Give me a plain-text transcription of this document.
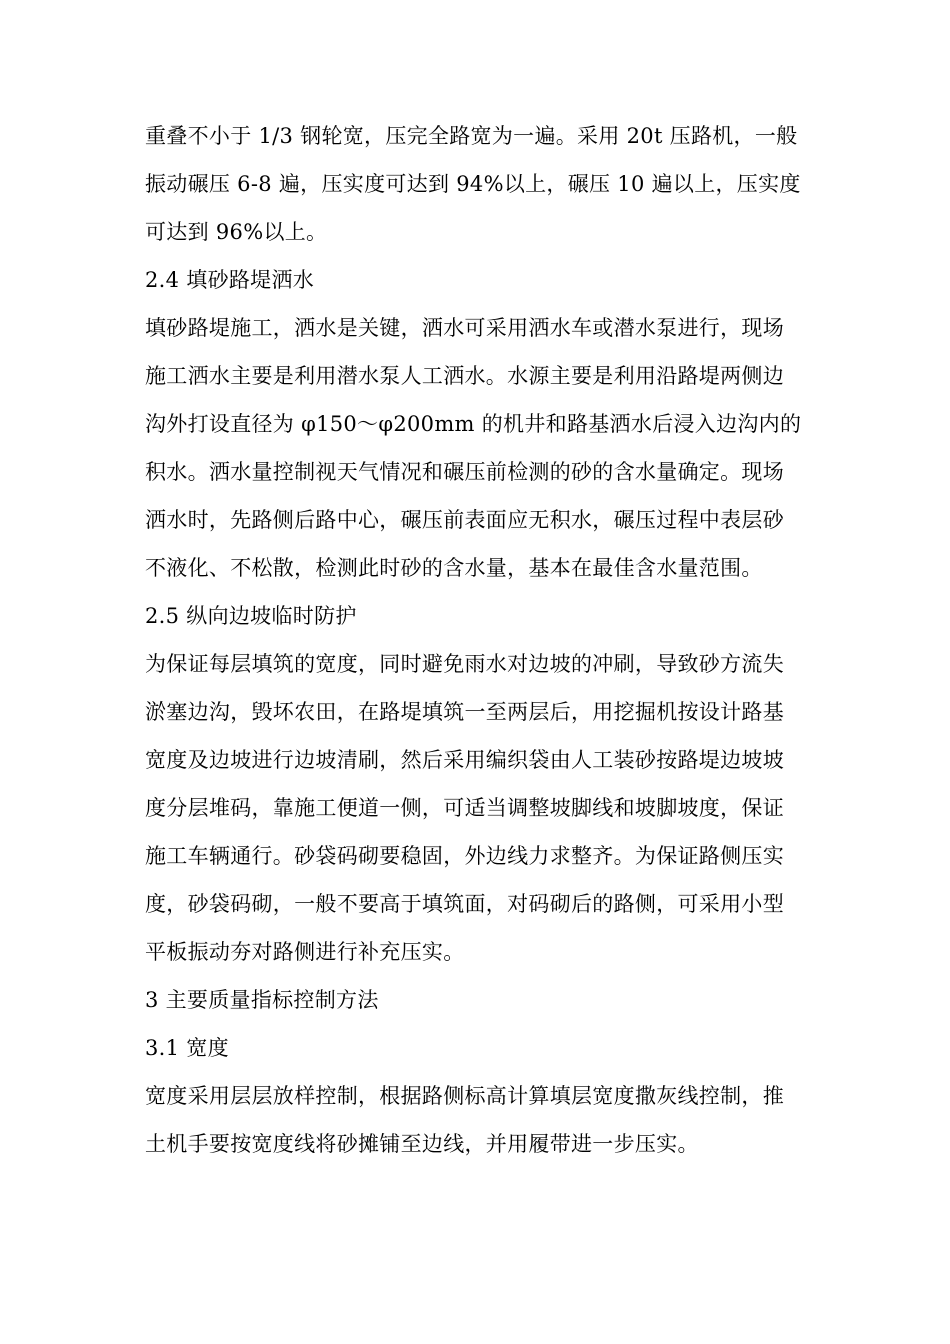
重叠不小于 1/3 钢轮宽，压完全路宽为一遍。采用 20t 压路机，一般
振动碾压 6-8 遍，压实度可达到 94%以上，碾压 10 遍以上，压实度
可达到 96%以上。
2.4 填砂路堤洒水
填砂路堤施工，洒水是关键，洒水可采用洒水车或潜水泵进行，现场
施工洒水主要是利用潜水泵人工洒水。水源主要是利用沿路堤两侧边
沟外打设直径为 φ150～φ200mm 的机井和路基洒水后浸入边沟内的
积水。洒水量控制视天气情况和碾压前检测的砂的含水量确定。现场
洒水时，先路侧后路中心，碾压前表面应无积水，碾压过程中表层砂
不液化、不松散，检测此时砂的含水量，基本在最佳含水量范围。
2.5 纵向边坡临时防护
为保证每层填筑的宽度，同时避免雨水对边坡的冲刷，导致砂方流失
淤塞边沟，毁坏农田，在路堤填筑一至两层后，用挖掘机按设计路基
宽度及边坡进行边坡清刷，然后采用编织袋由人工装砂按路堤边坡坡
度分层堆码，靠施工便道一侧，可适当调整坡脚线和坡脚坡度，保证
施工车辆通行。砂袋码砌要稳固，外边线力求整齐。为保证路侧压实
度，砂袋码砌，一般不要高于填筑面，对码砌后的路侧，可采用小型
平板振动夯对路侧进行补充压实。
3 主要质量指标控制方法
3.1 宽度
宽度采用层层放样控制，根据路侧标高计算填层宽度撒灰线控制，推
土机手要按宽度线将砂摊铺至边线，并用履带进一步压实。
